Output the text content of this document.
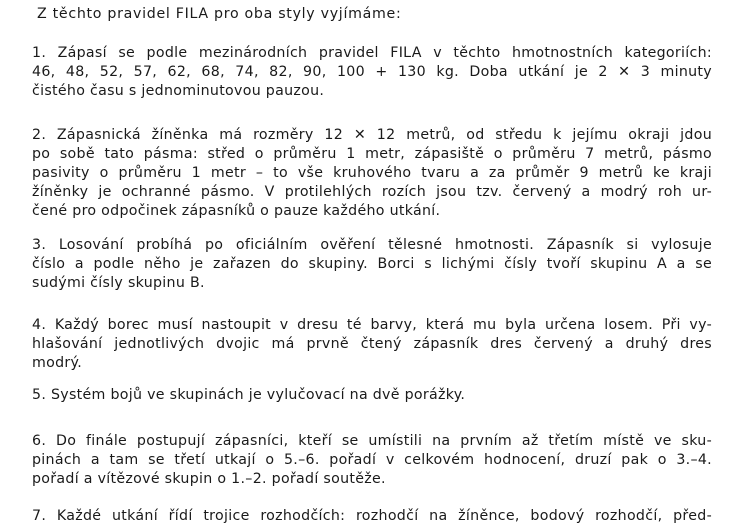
Z těchto pravidel FILA pro oba styly vyjímáme:
1. Zápasí se podle mezinárodních pravidel FILA v těchto hmotnostních kategoriích:
46, 48, 52, 57, 62, 68, 74, 82, 90, 100 + 130 kg. Doba utkání je 2 ✕ 3 minuty
čistého času s jednominutovou pauzou.
2. Zápasnická žíněnka má rozměry 12 ✕ 12 metrů, od středu k jejímu okraji jdou
po sobě tato pásma: střed o průměru 1 metr, zápasiště o průměru 7 metrů, pásmo
pasivity o průměru 1 metr – to vše kruhového tvaru a za průměr 9 metrů ke kraji
žíněnky je ochranné pásmo. V protilehlých rozích jsou tzv. červený a modrý roh ur-
čené pro odpočinek zápasníků o pauze každého utkání.
3. Losování probíhá po oficiálním ověření tělesné hmotnosti. Zápasník si vylosuje
číslo a podle něho je zařazen do skupiny. Borci s lichými čísly tvoří skupinu A a se
sudými čísly skupinu B.
4. Každý borec musí nastoupit v dresu té barvy, která mu byla určena losem. Při vy-
hlašování jednotlivých dvojic má prvně čtený zápasník dres červený a druhý dres
modrý.
5. Systém bojů ve skupinách je vylučovací na dvě porážky.
6. Do finále postupují zápasníci, kteří se umístili na prvním až třetím místě ve sku-
pinách a tam se třetí utkají o 5.–6. pořadí v celkovém hodnocení, druzí pak o 3.–4.
pořadí a vítězové skupin o 1.–2. pořadí soutěže.
7. Každé utkání řídí trojice rozhodčích: rozhodčí na žíněnce, bodový rozhodčí, před-
